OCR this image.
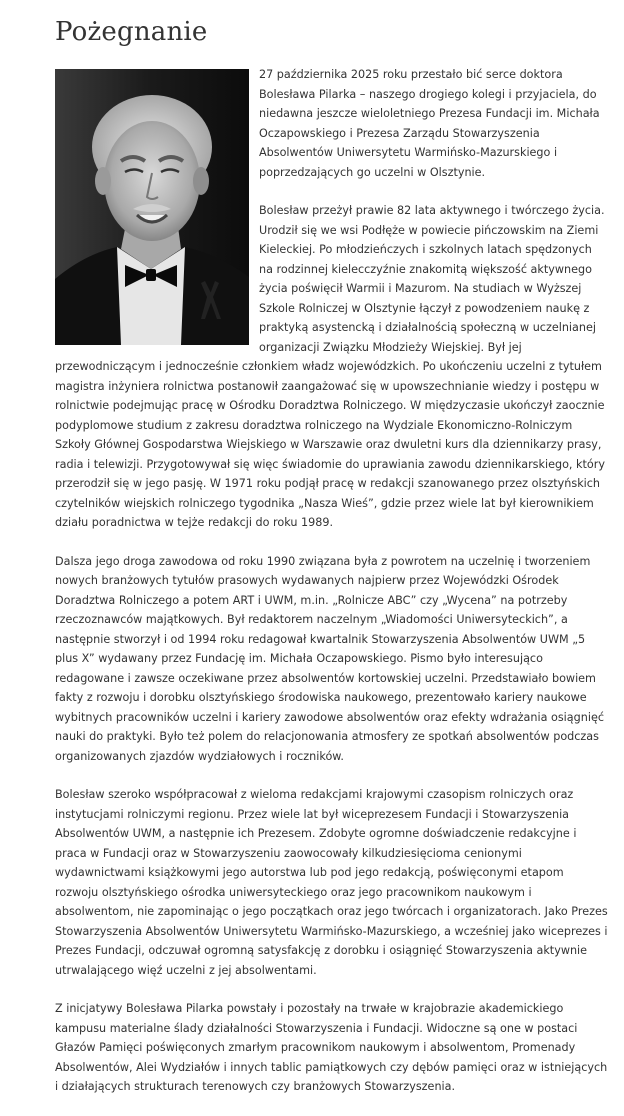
Pożegnanie

27 października 2025 roku przestało bić serce doktora Bolesława Pilarka – naszego drogiego kolegi i przyjaciela, do niedawna jeszcze wieloletniego Prezesa Fundacji im. Michała Oczapowskiego i Prezesa Zarządu Stowarzyszenia Absolwentów Uniwersytetu Warmińsko-Mazurskiego i poprzedzających go uczelni w Olsztynie.

Bolesław przeżył prawie 82 lata aktywnego i twórczego życia. Urodził się we wsi Podłęże w powiecie pińczowskim na Ziemi Kieleckiej. Po młodzieńczych i szkolnych latach spędzonych na rodzinnej kielecczyźnie znakomitą większość aktywnego życia poświęcił Warmii i Mazurom. Na studiach w Wyższej Szkole Rolniczej w Olsztynie łączył z powodzeniem naukę z praktyką asystencką i działalnością społeczną w uczelnianej organizacji Związku Młodzieży Wiejskiej. Był jej przewodniczącym i jednocześnie członkiem władz wojewódzkich. Po ukończeniu uczelni z tytułem magistra inżyniera rolnictwa postanowił zaangażować się w upowszechnianie wiedzy i postępu w rolnictwie podejmując pracę w Ośrodku Doradztwa Rolniczego. W międzyczasie ukończył zaocznie podyplomowe studium z zakresu doradztwa rolniczego na Wydziale Ekonomiczno-Rolniczym Szkoły Głównej Gospodarstwa Wiejskiego w Warszawie oraz dwuletni kurs dla dziennikarzy prasy, radia i telewizji. Przygotowywał się więc świadomie do uprawiania zawodu dziennikarskiego, który przerodził się w jego pasję. W 1971 roku podjął pracę w redakcji szanowanego przez olsztyńskich czytelników wiejskich rolniczego tygodnika „Nasza Wieś”, gdzie przez wiele lat był kierownikiem działu poradnictwa w tejże redakcji do roku 1989.

Dalsza jego droga zawodowa od roku 1990 związana była z powrotem na uczelnię i tworzeniem nowych branżowych tytułów prasowych wydawanych najpierw przez Wojewódzki Ośrodek Doradztwa Rolniczego a potem ART i UWM, m.in. „Rolnicze ABC” czy „Wycena” na potrzeby rzeczoznawców majątkowych. Był redaktorem naczelnym „Wiadomości Uniwersyteckich”, a następnie stworzył i od 1994 roku redagował kwartalnik Stowarzyszenia Absolwentów UWM „5 plus X” wydawany przez Fundację im. Michała Oczapowskiego. Pismo było interesująco redagowane i zawsze oczekiwane przez absolwentów kortowskiej uczelni. Przedstawiało bowiem fakty z rozwoju i dorobku olsztyńskiego środowiska naukowego, prezentowało kariery naukowe wybitnych pracowników uczelni i kariery zawodowe absolwentów oraz efekty wdrażania osiągnięć nauki do praktyki. Było też polem do relacjonowania atmosfery ze spotkań absolwentów podczas organizowanych zjazdów wydziałowych i roczników.

Bolesław szeroko współpracował z wieloma redakcjami krajowymi czasopism rolniczych oraz instytucjami rolniczymi regionu. Przez wiele lat był wiceprezesem Fundacji i Stowarzyszenia Absolwentów UWM, a następnie ich Prezesem. Zdobyte ogromne doświadczenie redakcyjne i praca w Fundacji oraz w Stowarzyszeniu zaowocowały kilkudziesięcioma cenionymi wydawnictwami książkowymi jego autorstwa lub pod jego redakcją, poświęconymi etapom rozwoju olsztyńskiego ośrodka uniwersyteckiego oraz jego pracownikom naukowym i absolwentom, nie zapominając o jego początkach oraz jego twórcach i organizatorach. Jako Prezes Stowarzyszenia Absolwentów Uniwersytetu Warmińsko-Mazurskiego, a wcześniej jako wiceprezes i Prezes Fundacji, odczuwał ogromną satysfakcję z dorobku i osiągnięć Stowarzyszenia aktywnie utrwalającego więź uczelni z jej absolwentami.

Z inicjatywy Bolesława Pilarka powstały i pozostały na trwałe w krajobrazie akademickiego kampusu materialne ślady działalności Stowarzyszenia i Fundacji. Widoczne są one w postaci Głazów Pamięci poświęconych zmarłym pracownikom naukowym i absolwentom, Promenady Absolwentów, Alei Wydziałów i innych tablic pamiątkowych czy dębów pamięci oraz w istniejących i działających strukturach terenowych czy branżowych Stowarzyszenia.
